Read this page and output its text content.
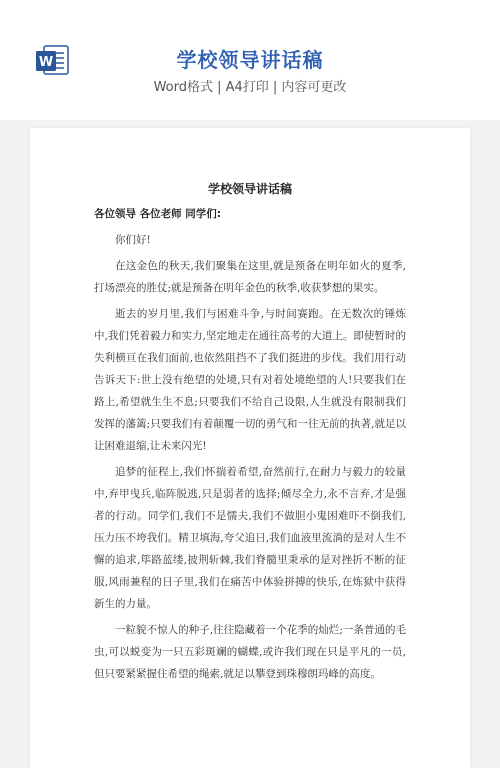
W	学校领导讲话稿
Word格式 | A4打印 | 内容可更改
学校领导讲话稿
各位领导 各位老师 同学们:

你们好!

在这金色的秋天,我们聚集在这里,就是预备在明年如火的夏季,打场漂亮的胜仗;就是预备在明年金色的秋季,收获梦想的果实。

逝去的岁月里,我们与困难斗争,与时间赛跑。在无数次的锤炼中,我们凭着毅力和实力,坚定地走在通往高考的大道上。即使暂时的失利横亘在我们面前,也依然阻挡不了我们挺进的步伐。我们用行动告诉天下:世上没有绝望的处境,只有对着处境绝望的人!只要我们在路上,希望就生生不息;只要我们不给自己设限,人生就没有限制我们发挥的藩篱;只要我们有着颠覆一切的勇气和一往无前的执著,就足以让困难退缩,让未来闪光!

追梦的征程上,我们怀揣着希望,奋然前行,在耐力与毅力的较量中,弃甲曳兵,临阵脱逃,只是弱者的选择;倾尽全力,永不言弃,才是强者的行动。同学们,我们不是懦夫,我们不做胆小鬼困难吓不倒我们,压力压不垮我们。精卫填海,夸父追日,我们血液里流淌的是对人生不懈的追求,筚路蓝缕,披荆斩棘,我们脊髓里秉承的是对挫折不断的征服,风雨兼程的日子里,我们在痛苦中体验拼搏的快乐,在炼狱中获得新生的力量。

一粒貌不惊人的种子,往往隐藏着一个花季的灿烂;一条普通的毛虫,可以蜕变为一只五彩斑斓的蝴蝶,或许我们现在只是平凡的一员,但只要紧紧握住希望的绳索,就足以攀登到珠穆朗玛峰的高度。
